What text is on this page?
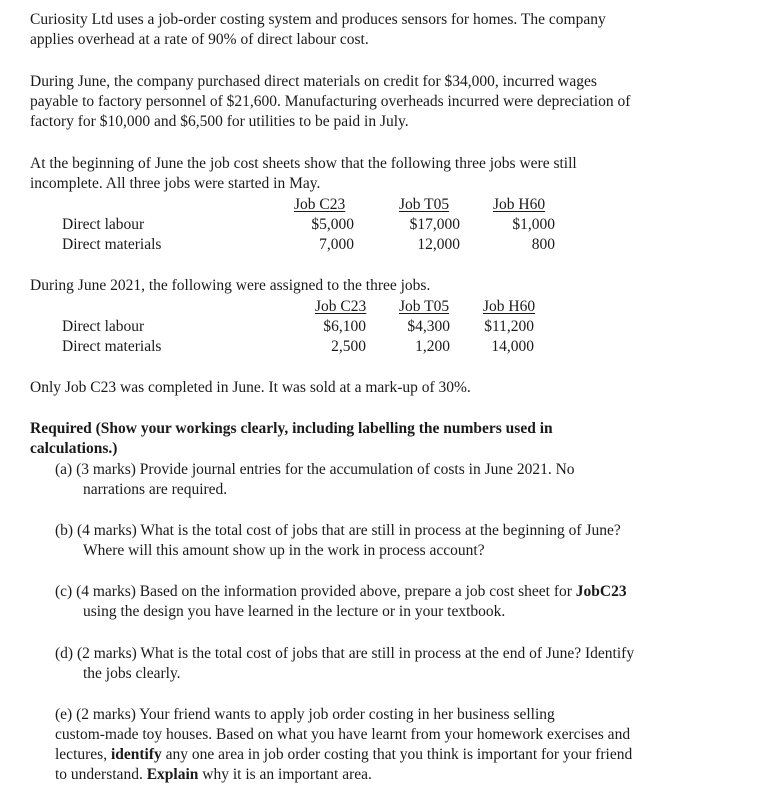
Curiosity Ltd uses a job-order costing system and produces sensors for homes. The company
applies overhead at a rate of 90% of direct labour cost.
During June, the company purchased direct materials on credit for $34,000, incurred wages
payable to factory personnel of $21,600. Manufacturing overheads incurred were depreciation of
factory for $10,000 and $6,500 for utilities to be paid in July.
At the beginning of June the job cost sheets show that the following three jobs were still
incomplete. All three jobs were started in May.
Job C23	Job T05	Job H60
Direct labour	$5,000	$17,000	$1,000
Direct materials	7,000	12,000	800
During June 2021, the following were assigned to the three jobs.
Job C23 Job T05 Job H60
Direct labour	$6,100	$4,300 $11,200
Direct materials	2,500	1,200	14,000
Only Job C23 was completed in June. It was sold at a mark-up of 30%.
Required (Show your workings clearly, including labelling the numbers used in
calculations.)
(a) (3 marks) Provide journal entries for the accumulation of costs in June 2021. No
narrations are required.
(b) (4 marks) What is the total cost of jobs that are still in process at the beginning of June?
Where will this amount show up in the work in process account?
(c) (4 marks) Based on the information provided above, prepare a job cost sheet for JobC23
using the design you have learned in the lecture or in your textbook.
(d) (2 marks) What is the total cost of jobs that are still in process at the end of June? Identify
the jobs clearly.
(e) (2 marks) Your friend wants to apply job order costing in her business selling
custom-made toy houses. Based on what you have learnt from your homework exercises and
lectures, identify any one area in job order costing that you think is important for your friend
to understand. Explain why it is an important area.
